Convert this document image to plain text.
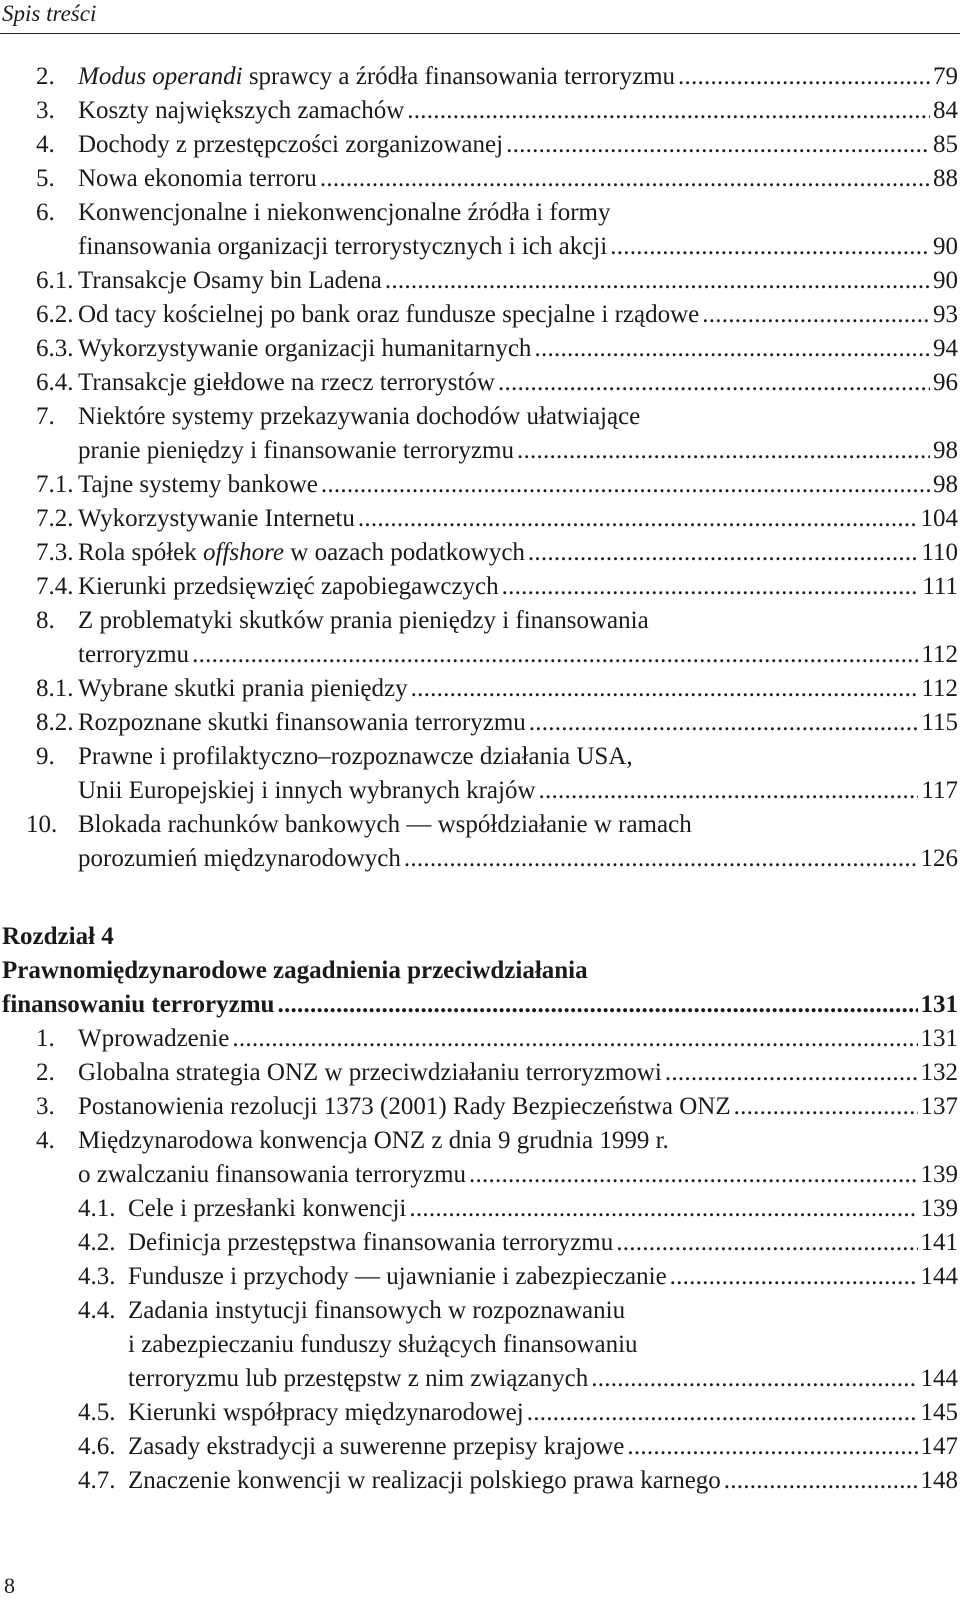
Spis treści
2. Modus operandi sprawcy a źródła finansowania terroryzmu . . .	79
3. Koszty największych zamachów . . .	84
4. Dochody z przestępczości zorganizowanej . . .	85
5. Nowa ekonomia terroru . . .	88
6. Konwencjonalne i niekonwencjonalne źródła i formy
finansowania organizacji terrorystycznych i ich akcji . . .	90
6.1. Transakcje Osamy bin Ladena . . .	90
6.2. Od tacy kościelnej po bank oraz fundusze specjalne i rządowe . . .	93
6.3. Wykorzystywanie organizacji humanitarnych . . .	94
6.4. Transakcje giełdowe na rzecz terrorystów . . .	96
7. Niektóre systemy przekazywania dochodów ułatwiające
pranie pieniędzy i finansowanie terroryzmu . . .	98
7.1. Tajne systemy bankowe . . .	98
7.2. Wykorzystywanie Internetu . . .	104
7.3. Rola spółek offshore w oazach podatkowych . . .	110
7.4. Kierunki przedsięwzięć zapobiegawczych . . .	111
8. Z problematyki skutków prania pieniędzy i finansowania
terroryzmu . . .	112
8.1. Wybrane skutki prania pieniędzy . . .	112
8.2. Rozpoznane skutki finansowania terroryzmu . . .	115
9. Prawne i profilaktyczno–rozpoznawcze działania USA,
Unii Europejskiej i innych wybranych krajów . . .	117
10. Blokada rachunków bankowych — współdziałanie w ramach
porozumień międzynarodowych . . .	126
Rozdział 4
Prawnomiędzynarodowe zagadnienia przeciwdziałania
finansowaniu terroryzmu . . .	131
1. Wprowadzenie . . .	131
2. Globalna strategia ONZ w przeciwdziałaniu terroryzmowi . . .	132
3. Postanowienia rezolucji 1373 (2001) Rady Bezpieczeństwa ONZ . . .	137
4. Międzynarodowa konwencja ONZ z dnia 9 grudnia 1999 r.
o zwalczaniu finansowania terroryzmu . . .	139
4.1. Cele i przesłanki konwencji . . .	139
4.2. Definicja przestępstwa finansowania terroryzmu . . .	141
4.3. Fundusze i przychody — ujawnianie i zabezpieczanie . . .	144
4.4. Zadania instytucji finansowych w rozpoznawaniu
i zabezpieczaniu funduszy służących finansowaniu
terroryzmu lub przestępstw z nim związanych . . .	144
4.5. Kierunki współpracy międzynarodowej . . .	145
4.6. Zasady ekstradycji a suwerenne przepisy krajowe . . .	147
4.7. Znaczenie konwencji w realizacji polskiego prawa karnego . . .	148
8
